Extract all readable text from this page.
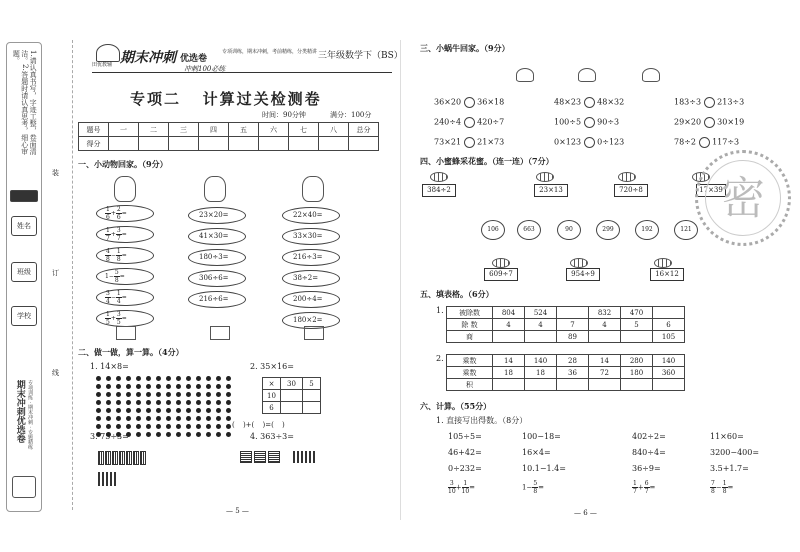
1.请认真书写，字迹工整，卷面清洁。2.答题时请认真思考，细心审题。
姓名
班级
学校
期末冲刺优选卷 专项训练 · 期末冲刺 · 专题精练
装
订
线
田优教辅 期末冲刺 优选卷
专项训练，期末冲刺，考前精练，分类精讲
冲刺100必练
三年级数学下（BS）
专项二   计算过关检测卷
时间：90分钟	满分：100分
题号	一	二	三	四	五	六	七	八	总分
得分									
一、小动物回家。（9分）
$\frac{1}{6} + \frac{2}{6}$ =
$\frac{1}{7} + \frac{3}{7}$ =
$\frac{4}{8} - \frac{1}{8}$ =
$1- \frac{5}{8}$ =
$\frac{3}{4} - \frac{1}{4}$ =
$\frac{1}{5} + \frac{3}{5}$ =
23×20=
41×30=
180÷3=
306÷6=
216÷6=
22×40=
33×30=
216÷3=
38÷2=
200÷4=
180×2=
二、做一做，算一算。（4分）
1. 14×8=	2. 35×16=
×	30	5
10		
6		
( )+( )=( )
3. 75÷3=	4. 363÷3=

— 5 —
三、小蜗牛回家。（9分）
36×20 36×18	48×23 48×32	183÷3 213÷3
240÷4 420÷7	100÷5 90÷3	29×20 30×19
73×21 21×73	0×123 0÷123	78÷2 117÷3
四、小蜜蜂采花蜜。（连一连）（7分）
384÷2	23×13	720÷8	17×39
106	663	90	299	192	121
609÷7	954÷9	16×12
密
五、填表格。（6分）
1. 被除数	804	524		832	470	
除 数	4	4	7	4	5	6
商			89			105
2.	乘数	14	140	28	14	280	140
乘数	18	18	36	72	180	360
积						
六、计算。（55分）
1. 直接写出得数。（8分）
105÷5=	100−18=	402÷2=	11×60=
46+42=	16×4=	840÷4=	3200−400=
0÷232=	10.1−1.4=	36÷9=	3.5+1.7=
$\frac{3}{10} + \frac{1}{10}$ =	$1- \frac{5}{8}$ =	$\frac{1}{7} + \frac{6}{7}$ =	$\frac{7}{8} - \frac{1}{8}$ =
— 6 —
